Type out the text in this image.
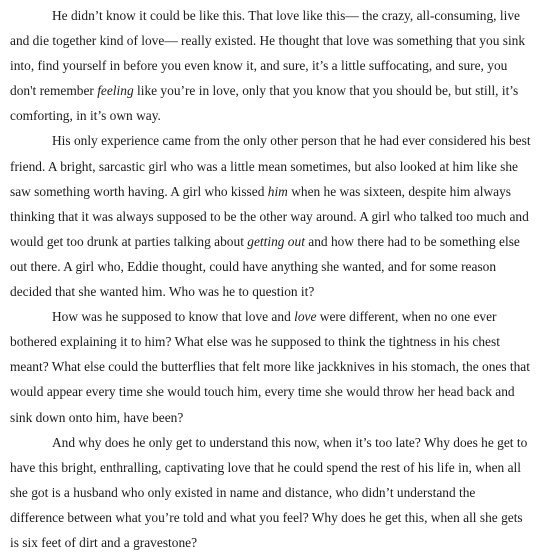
He didn’t know it could be like this. That love like this— the crazy, all-consuming, live and die together kind of love— really existed. He thought that love was something that you sink into, find yourself in before you even know it, and sure, it’s a little suffocating, and sure, you don't remember feeling like you’re in love, only that you know that you should be, but still, it’s comforting, in it’s own way.

His only experience came from the only other person that he had ever considered his best friend. A bright, sarcastic girl who was a little mean sometimes, but also looked at him like she saw something worth having. A girl who kissed him when he was sixteen, despite him always thinking that it was always supposed to be the other way around. A girl who talked too much and would get too drunk at parties talking about getting out and how there had to be something else out there. A girl who, Eddie thought, could have anything she wanted, and for some reason decided that she wanted him. Who was he to question it?

How was he supposed to know that love and love were different, when no one ever bothered explaining it to him? What else was he supposed to think the tightness in his chest meant? What else could the butterflies that felt more like jackknives in his stomach, the ones that would appear every time she would touch him, every time she would throw her head back and sink down onto him, have been?

And why does he only get to understand this now, when it’s too late? Why does he get to have this bright, enthralling, captivating love that he could spend the rest of his life in, when all she got is a husband who only existed in name and distance, who didn’t understand the difference between what you’re told and what you feel? Why does he get this, when all she gets is six feet of dirt and a gravestone?
